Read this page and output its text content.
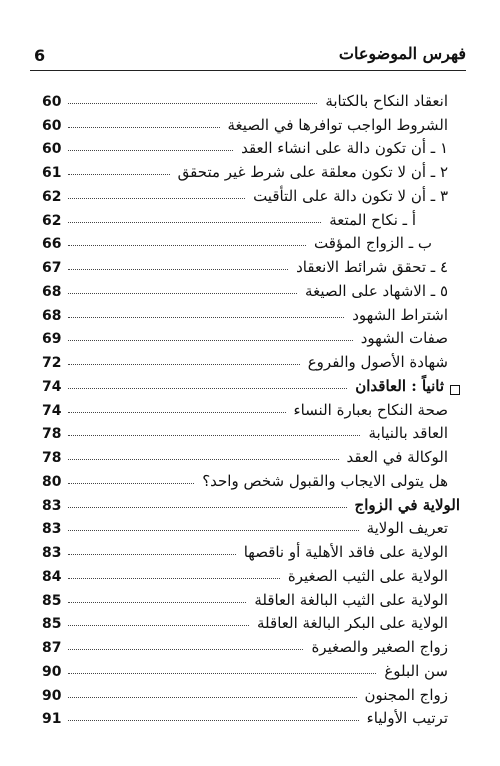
6	فهرس الموضوعات
انعقاد النكاح بالكتابة
60
الشروط الواجب توافرها في الصيغة
60
١ ـ أن تكون دالة على انشاء العقد
60
٢ ـ أن لا تكون معلقة على شرط غير متحقق
61
٣ ـ أن لا تكون دالة على التأقيت
62
أ ـ نكاح المتعة
62
ب ـ الزواج المؤقت
66
٤ ـ تحقق شرائط الانعقاد
67
٥ ـ الاشهاد على الصيغة
68
اشتراط الشهود
68
صفات الشهود
69
شهادة الأصول والفروع
72
ثانياً : العاقدان
74
صحة النكاح بعبارة النساء
74
العاقد بالنيابة
78
الوكالة في العقد
78
هل يتولى الايجاب والقبول شخص واحد؟
80
الولاية في الزواج
83
تعريف الولاية
83
الولاية على فاقد الأهلية أو ناقصها
83
الولاية على الثيب الصغيرة
84
الولاية على الثيب البالغة العاقلة
85
الولاية على البكر البالغة العاقلة
85
زواج الصغير والصغيرة
87
سن البلوغ
90
زواج المجنون
90
ترتيب الأولياء
91
